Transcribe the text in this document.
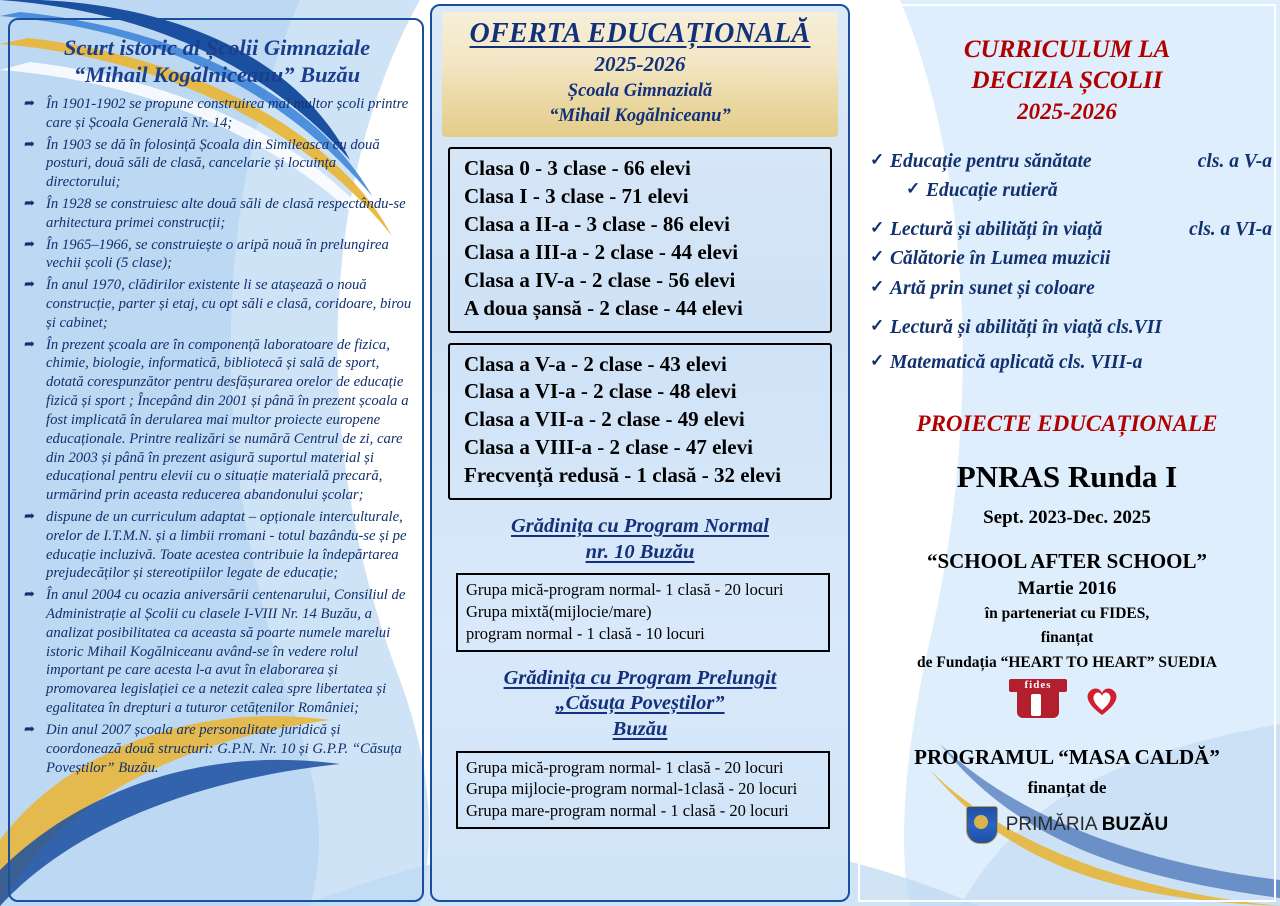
Scurt istoric al Școlii Gimnaziale
“Mihail Kogălniceanu” Buzău
➦ În 1901-1902 se propune construirea mai multor școli printre care și Școala Generală Nr. 14;
➦ În 1903 se dă în folosință Școala din Simileasca cu două posturi, două săli de clasă, cancelarie și locuința directorului;
➦ În 1928 se construiesc alte două săli de clasă respectându-se arhitectura primei construcții;
➦ În 1965–1966, se construiește o aripă nouă în prelungirea vechii școli (5 clase);
➦ În anul 1970, clădirilor existente li se atașează o nouă construcție, parter și etaj, cu opt săli e clasă, coridoare, birou și cabinet;
➦ În prezent școala are în componență laboratoare de fizica, chimie, biologie, informatică, bibliotecă și sală de sport, dotată corespunzător pentru desfășurarea orelor de educație fizică și sport ; Începând din 2001 și până în prezent școala a fost implicată în derularea mai multor proiecte europene educaționale. Printre realizări se numără Centrul de zi, care din 2003 și până în prezent asigură suportul material și educațional pentru elevii cu o situație materială precară, urmărind prin aceasta reducerea abandonului școlar;
➦ dispune de un curriculum adaptat – opționale interculturale, orelor de I.T.M.N. și a limbii rromani - totul bazându-se și pe educație incluzivă. Toate acestea contribuie la îndepărtarea prejudecăților și stereotipiilor legate de educație;
➦ În anul 2004 cu ocazia aniversării centenarului, Consiliul de Administrație al Școlii cu clasele I-VIII Nr. 14 Buzău, a analizat posibilitatea ca aceasta să poarte numele marelui istoric Mihail Kogălniceanu având-se în vedere rolul important pe care acesta l-a avut în elaborarea și promovarea legislației ce a netezit calea spre libertatea și egalitatea în drepturi a tuturor cetățenilor României;
➦ Din anul 2007 școala are personalitate juridică și coordonează două structuri: G.P.N. Nr. 10 și G.P.P. “Căsuța Poveștilor” Buzău.
OFERTA EDUCAȚIONALĂ
2025-2026
Școala Gimnazială
“Mihail Kogălniceanu”
Clasa 0 - 3 clase - 66 elevi
Clasa I - 3 clase - 71 elevi
Clasa a II-a - 3 clase - 86 elevi
Clasa a III-a - 2 clase - 44 elevi
Clasa a IV-a - 2 clase - 56 elevi
A doua șansă - 2 clase - 44 elevi
Clasa a V-a - 2 clase - 43 elevi
Clasa a VI-a - 2 clase - 48 elevi
Clasa a VII-a - 2 clase - 49 elevi
Clasa a VIII-a - 2 clase - 47 elevi
Frecvență redusă - 1 clasă - 32 elevi
Grădinița cu Program Normal
nr. 10 Buzău
Grupa mică-program normal- 1 clasă - 20 locuri
Grupa mixtă(mijlocie/mare)
program normal - 1 clasă - 10 locuri
Grădinița cu Program Prelungit
„Căsuța Poveștilor”
Buzău
Grupa mică-program normal- 1 clasă - 20 locuri
Grupa mijlocie-program normal-1clasă - 20 locuri
Grupa mare-program normal - 1 clasă - 20 locuri
CURRICULUM LA
DECIZIA ȘCOLII
2025-2026
✓ Educație pentru sănătate	cls. a V-a
✓ Educație rutieră
✓ Lectură și abilități în viață	cls. a VI-a
✓ Călătorie în Lumea muzicii
✓ Artă prin sunet și coloare
✓ Lectură și abilități în viață cls.VII
✓ Matematică aplicată cls. VIII-a
PROIECTE EDUCAȚIONALE
PNRAS Runda I
Sept. 2023-Dec. 2025
“SCHOOL AFTER SCHOOL”
Martie 2016
în parteneriat cu FIDES,
finanțat
de Fundația “HEART TO HEART” SUEDIA
fides
PROGRAMUL “MASA CALDĂ”
finanțat de
PRIMĂRIA BUZĂU
